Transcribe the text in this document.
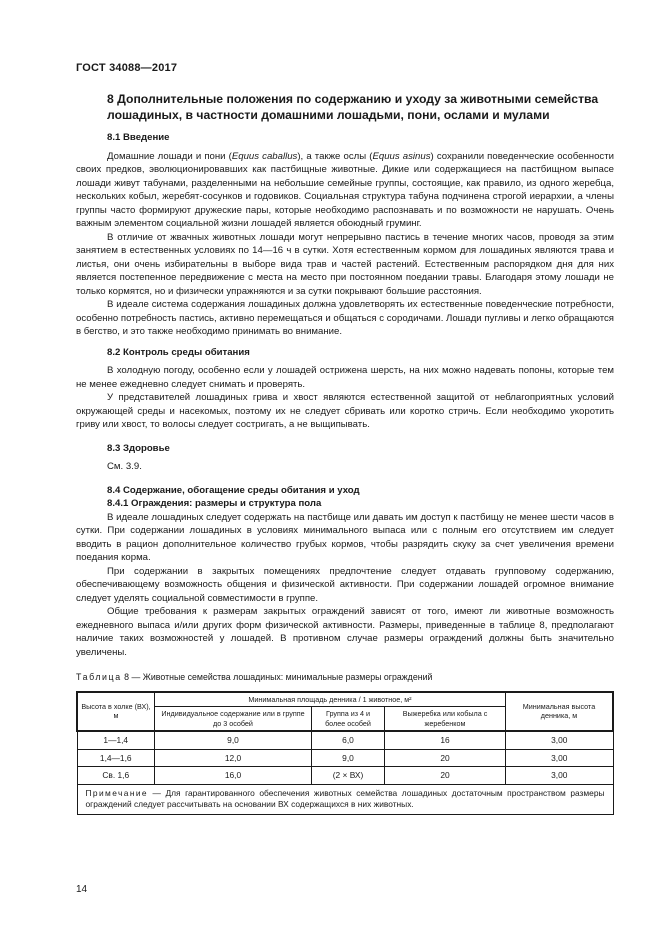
ГОСТ 34088—2017
8 Дополнительные положения по содержанию и уходу за животными семейства лошадиных, в частности домашними лошадьми, пони, ослами и мулами
8.1 Введение

Домашние лошади и пони (Equus caballus), а также ослы (Equus asinus) сохранили поведенческие особенности своих предков, эволюционировавших как пастбищные животные. Дикие или содержащиеся на пастбищном выпасе лошади живут табунами, разделенными на небольшие семейные группы, состоящие, как правило, из одного жеребца, нескольких кобыл, жеребят-сосунков и годовиков. Социальная структура табуна подчинена строгой иерархии, а члены группы часто формируют дружеские пары, которые необходимо распознавать и по возможности не нарушать. Очень важным элементом социальной жизни лошадей является обоюдный груминг.

В отличие от жвачных животных лошади могут непрерывно пастись в течение многих часов, проводя за этим занятием в естественных условиях по 14—16 ч в сутки. Хотя естественным кормом для лошадиных являются трава и листья, они очень избирательны в выборе вида трав и частей растений. Естественным распорядком дня для них является постепенное передвижение с места на место при постоянном поедании травы. Благодаря этому лошади не только кормятся, но и физически упражняются и за сутки покрывают большие расстояния.

В идеале система содержания лошадиных должна удовлетворять их естественные поведенческие потребности, особенно потребность пастись, активно перемещаться и общаться с сородичами. Лошади пугливы и легко обращаются в бегство, и это также необходимо принимать во внимание.

8.2 Контроль среды обитания

В холодную погоду, особенно если у лошадей острижена шерсть, на них можно надевать попоны, которые тем не менее ежедневно следует снимать и проверять.

У представителей лошадиных грива и хвост являются естественной защитой от неблагоприятных условий окружающей среды и насекомых, поэтому их не следует сбривать или коротко стричь. Если необходимо укоротить гриву или хвост, то волосы следует состригать, а не выщипывать.

8.3 Здоровье

См. 3.9.

8.4 Содержание, обогащение среды обитания и уход
8.4.1 Ограждения: размеры и структура пола

В идеале лошадиных следует содержать на пастбище или давать им доступ к пастбищу не менее шести часов в сутки. При содержании лошадиных в условиях минимального выпаса или с полным его отсутствием им следует вводить в рацион дополнительное количество грубых кормов, чтобы разрядить скуку за счет увеличения времени поедания корма.

При содержании в закрытых помещениях предпочтение следует отдавать групповому содержанию, обеспечивающему возможность общения и физической активности. При содержании лошадей огромное внимание следует уделять социальной совместимости в группе.

Общие требования к размерам закрытых ограждений зависят от того, имеют ли животные возможность ежедневного выпаса и/или других форм физической активности. Размеры, приведенные в таблице 8, предполагают наличие таких возможностей у лошадей. В противном случае размеры ограждений должны быть значительно увеличены.

Таблица 8 — Животные семейства лошадиных: минимальные размеры ограждений
Высота в холке (ВХ), м	Минимальная площадь денника / 1 животное, м²			Минимальная высота денника, м
	Индивидуальное содержание или в группе до 3 особей	Группа из 4 и более особей	Выжеребка или кобыла с жеребенком	
1—1,4	9,0	6,0	16	3,00
1,4—1,6	12,0	9,0	20	3,00
Св. 1,6	16,0	(2 × ВХ)	20	3,00
Примечание — Для гарантированного обеспечения животных семейства лошадиных достаточным пространством размеры ограждений следует рассчитывать на основании ВХ содержащихся в них животных.				
14
